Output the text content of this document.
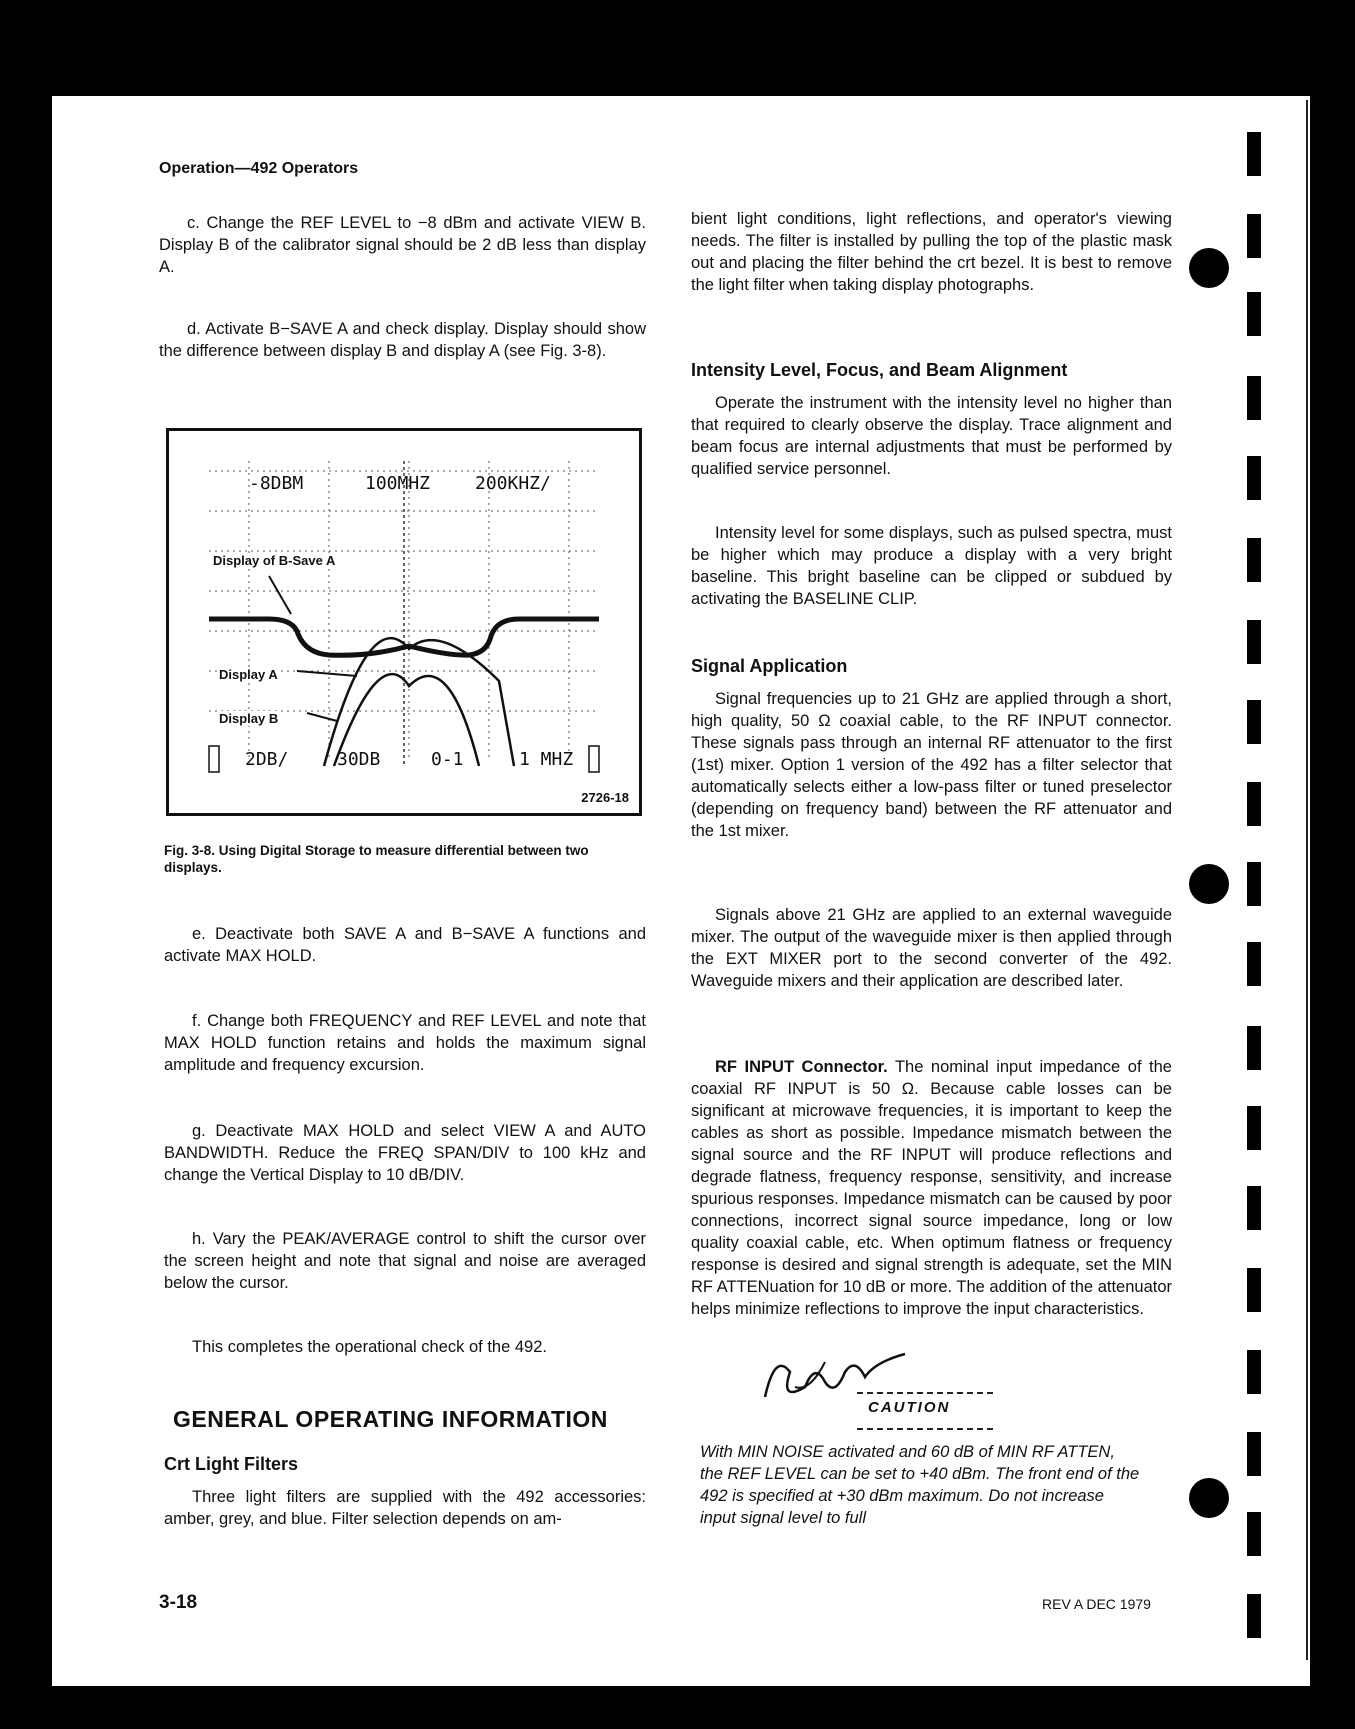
Operation—492 Operators

c. Change the REF LEVEL to −8 dBm and activate VIEW B. Display B of the calibrator signal should be 2 dB less than display A.

d. Activate B−SAVE A and check display. Display should show the difference between display B and display A (see Fig. 3-8).

-8DBM	100MHZ 200KHZ/
Display of B-Save A
Display A
Display B
2DB/	30DB	0-1	1 MHZ
2726-18
Fig. 3-8. Using Digital Storage to measure differential between two displays.

e. Deactivate both SAVE A and B−SAVE A functions and activate MAX HOLD.

f. Change both FREQUENCY and REF LEVEL and note that MAX HOLD function retains and holds the maximum signal amplitude and frequency excursion.

g. Deactivate MAX HOLD and select VIEW A and AUTO BANDWIDTH. Reduce the FREQ SPAN/DIV to 100 kHz and change the Vertical Display to 10 dB/DIV.

h. Vary the PEAK/AVERAGE control to shift the cursor over the screen height and note that signal and noise are averaged below the cursor.

This completes the operational check of the 492.

GENERAL OPERATING INFORMATION
Crt Light Filters

Three light filters are supplied with the 492 accessories: amber, grey, and blue. Filter selection depends on am-

bient light conditions, light reflections, and operator's viewing needs. The filter is installed by pulling the top of the plastic mask out and placing the filter behind the crt bezel. It is best to remove the light filter when taking display photographs.

Intensity Level, Focus, and Beam Alignment

Operate the instrument with the intensity level no higher than that required to clearly observe the display. Trace alignment and beam focus are internal adjustments that must be performed by qualified service personnel.

Intensity level for some displays, such as pulsed spectra, must be higher which may produce a display with a very bright baseline. This bright baseline can be clipped or subdued by activating the BASELINE CLIP.

Signal Application

Signal frequencies up to 21 GHz are applied through a short, high quality, 50 Ω coaxial cable, to the RF INPUT connector. These signals pass through an internal RF attenuator to the first (1st) mixer. Option 1 version of the 492 has a filter selector that automatically selects either a low-pass filter or tuned preselector (depending on frequency band) between the RF attenuator and the 1st mixer.

Signals above 21 GHz are applied to an external waveguide mixer. The output of the waveguide mixer is then applied through the EXT MIXER port to the second converter of the 492. Waveguide mixers and their application are described later.

RF INPUT Connector. The nominal input impedance of the coaxial RF INPUT is 50 Ω. Because cable losses can be significant at microwave frequencies, it is important to keep the cables as short as possible. Impedance mismatch between the signal source and the RF INPUT will produce reflections and degrade flatness, frequency response, sensitivity, and increase spurious responses. Impedance mismatch can be caused by poor connections, incorrect signal source impedance, long or low quality coaxial cable, etc. When optimum flatness or frequency response is desired and signal strength is adequate, set the MIN RF ATTENuation for 10 dB or more. The addition of the attenuator helps minimize reflections to improve the input characteristics.

CAUTION

With MIN NOISE activated and 60 dB of MIN RF ATTEN, the REF LEVEL can be set to +40 dBm. The front end of the 492 is specified at +30 dBm maximum. Do not increase input signal level to full

3-18	REV A DEC 1979
